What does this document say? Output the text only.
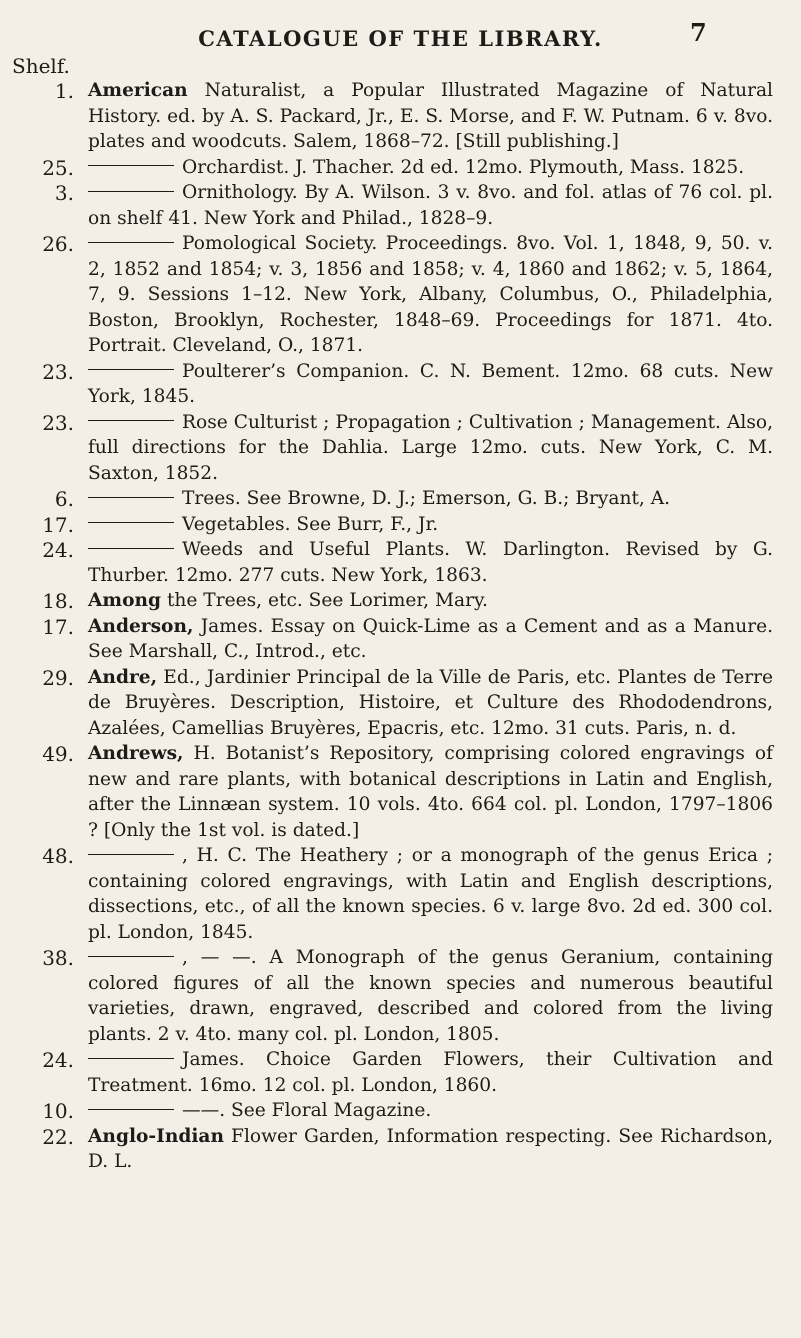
CATALOGUE OF THE LIBRARY.	7
Shelf.
1. American Naturalist, a Popular Illustrated Magazine of Natural History. ed. by A. S. Packard, Jr., E. S. Morse, and F. W. Putnam. 6 v. 8vo. plates and woodcuts. Salem, 1868–72. [Still publishing.]
25.	Orchardist. J. Thacher. 2d ed. 12mo. Plymouth, Mass. 1825.
3.	Ornithology. By A. Wilson. 3 v. 8vo. and fol. atlas of 76 col. pl. on shelf 41. New York and Philad., 1828–9.
26.	Pomological Society. Proceedings. 8vo. Vol. 1, 1848, 9, 50. v. 2, 1852 and 1854; v. 3, 1856 and 1858; v. 4, 1860 and 1862; v. 5, 1864, 7, 9. Sessions 1–12. New York, Albany, Columbus, O., Philadelphia, Boston, Brooklyn, Rochester, 1848–69. Proceedings for 1871. 4to. Portrait. Cleveland, O., 1871.
23.	Poulterer’s Companion. C. N. Bement. 12mo. 68 cuts. New York, 1845.
23.	Rose Culturist ; Propagation ; Cultivation ; Management. Also, full directions for the Dahlia. Large 12mo. cuts. New York, C. M. Saxton, 1852.
6.	Trees. See Browne, D. J.; Emerson, G. B.; Bryant, A.
17.	Vegetables. See Burr, F., Jr.
24.	Weeds and Useful Plants. W. Darlington. Revised by G. Thurber. 12mo. 277 cuts. New York, 1863.
18. Among the Trees, etc. See Lorimer, Mary.
17. Anderson, James. Essay on Quick-Lime as a Cement and as a Manure. See Marshall, C., Introd., etc.
29. Andre, Ed., Jardinier Principal de la Ville de Paris, etc. Plantes de Terre de Bruyères. Description, Histoire, et Culture des Rhododendrons, Azalées, Camellias Bruyères, Epacris, etc. 12mo. 31 cuts. Paris, n. d.
49. Andrews, H. Botanist’s Repository, comprising colored engravings of new and rare plants, with botanical descriptions in Latin and English, after the Linnæan system. 10 vols. 4to. 664 col. pl. London, 1797–1806 ? [Only the 1st vol. is dated.]
48.	, H. C. The Heathery ; or a monograph of the genus Erica ; containing colored engravings, with Latin and English descriptions, dissections, etc., of all the known species. 6 v. large 8vo. 2d ed. 300 col. pl. London, 1845.
38.	, — —. A Monograph of the genus Geranium, containing colored figures of all the known species and numerous beautiful varieties, drawn, engraved, described and colored from the living plants. 2 v. 4to. many col. pl. London, 1805.
24.	James. Choice Garden Flowers, their Cultivation and Treatment. 16mo. 12 col. pl. London, 1860.
10.	——. See Floral Magazine.
22. Anglo-Indian Flower Garden, Information respecting. See Richardson, D. L.
